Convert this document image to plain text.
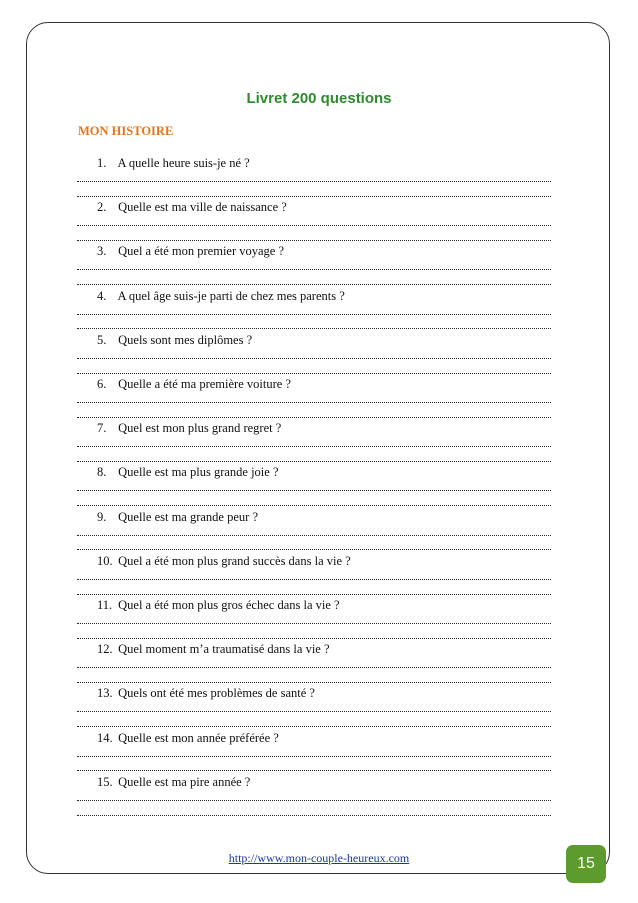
Livret 200 questions
MON HISTOIRE

1. A quelle heure suis-je né ?

2. Quelle est ma ville de naissance ?

3. Quel a été mon premier voyage ?

4. A quel âge suis-je parti de chez mes parents ?

5. Quels sont mes diplômes ?

6. Quelle a été ma première voiture ?

7. Quel est mon plus grand regret ?

8. Quelle est ma plus grande joie ?

9. Quelle est ma grande peur ?

10. Quel a été mon plus grand succès dans la vie ?

11. Quel a été mon plus gros échec dans la vie ?

12. Quel moment m’a traumatisé dans la vie ?

13. Quels ont été mes problèmes de santé ?

14. Quelle est mon année préférée ?

15. Quelle est ma pire année ?

http://www.mon-couple-heureux.com	15
